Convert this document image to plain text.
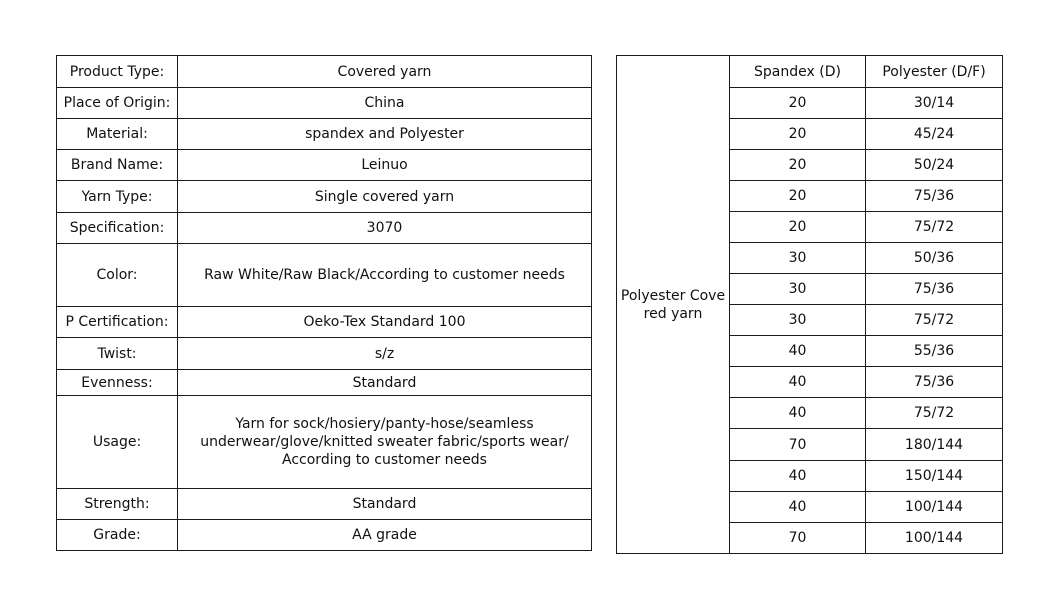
Product Type:	Covered yarn
Place of Origin:	China
Material:	spandex and Polyester
Brand Name:	Leinuo
Yarn Type:	Single covered yarn
Specification:	3070
Color:	Raw White/Raw Black/According to customer needs
P Certification:	Oeko-Tex Standard 100
Twist:	s/z
Evenness:	Standard
Usage:	Yarn for sock/hosiery/panty-hose/seamless underwear/glove/knitted sweater fabric/sports wear/ According to customer needs
Strength:	Standard
Grade:	AA grade
Polyester Covered yarn	Spandex (D)	Polyester (D/F)
	20	30/14
	20	45/24
	20	50/24
	20	75/36
	20	75/72
	30	50/36
	30	75/36
	30	75/72
	40	55/36
	40	75/36
	40	75/72
	70	180/144
	40	150/144
	40	100/144
	70	100/144
